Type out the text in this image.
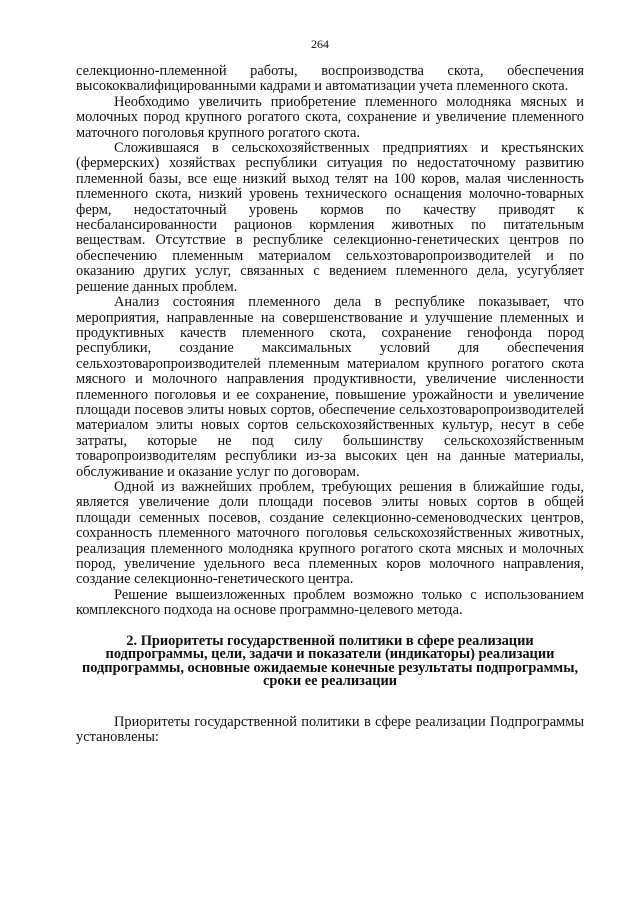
264

селекционно-племенной работы, воспроизводства скота, обеспечения высококвалифицированными кадрами и автоматизации учета племенного скота.

Необходимо увеличить приобретение племенного молодняка мясных и молочных пород крупного рогатого скота, сохранение и увеличение племенного маточного поголовья крупного рогатого скота.

Сложившаяся в сельскохозяйственных предприятиях и крестьянских (фермерских) хозяйствах республики ситуация по недостаточному развитию племенной базы, все еще низкий выход телят на 100 коров, малая численность племенного скота, низкий уровень технического оснащения молочно-товарных ферм, недостаточный уровень кормов по качеству приводят к несбалансированности рационов кормления животных по питательным веществам. Отсутствие в республике селекционно-генетических центров по обеспечению племенным материалом сельхозтоваропроизводителей и по оказанию других услуг, связанных с ведением племенного дела, усугубляет решение данных проблем.

Анализ состояния племенного дела в республике показывает, что мероприятия, направленные на совершенствование и улучшение племенных и продуктивных качеств племенного скота, сохранение генофонда пород республики, создание максимальных условий для обеспечения сельхозтоваропроизводителей племенным материалом крупного рогатого скота мясного и молочного направления продуктивности, увеличение численности племенного поголовья и ее сохранение, повышение урожайности и увеличение площади посевов элиты новых сортов, обеспечение сельхозтоваропроизводителей материалом элиты новых сортов сельскохозяйственных культур, несут в себе затраты, которые не под силу большинству сельскохозяйственным товаропроизводителям республики из-за высоких цен на данные материалы, обслуживание и оказание услуг по договорам.

Одной из важнейших проблем, требующих решения в ближайшие годы, является увеличение доли площади посевов элиты новых сортов в общей площади семенных посевов, создание селекционно-семеноводческих центров, сохранность племенного маточного поголовья сельскохозяйственных животных, реализация племенного молодняка крупного рогатого скота мясных и молочных пород, увеличение удельного веса племенных коров молочного направления, создание селекционно-генетического центра.

Решение вышеизложенных проблем возможно только с использованием комплексного подхода на основе программно-целевого метода.

2. Приоритеты государственной политики в сфере реализации подпрограммы, цели, задачи и показатели (индикаторы) реализации подпрограммы, основные ожидаемые конечные результаты подпрограммы, сроки ее реализации

Приоритеты государственной политики в сфере реализации Подпрограммы установлены:
